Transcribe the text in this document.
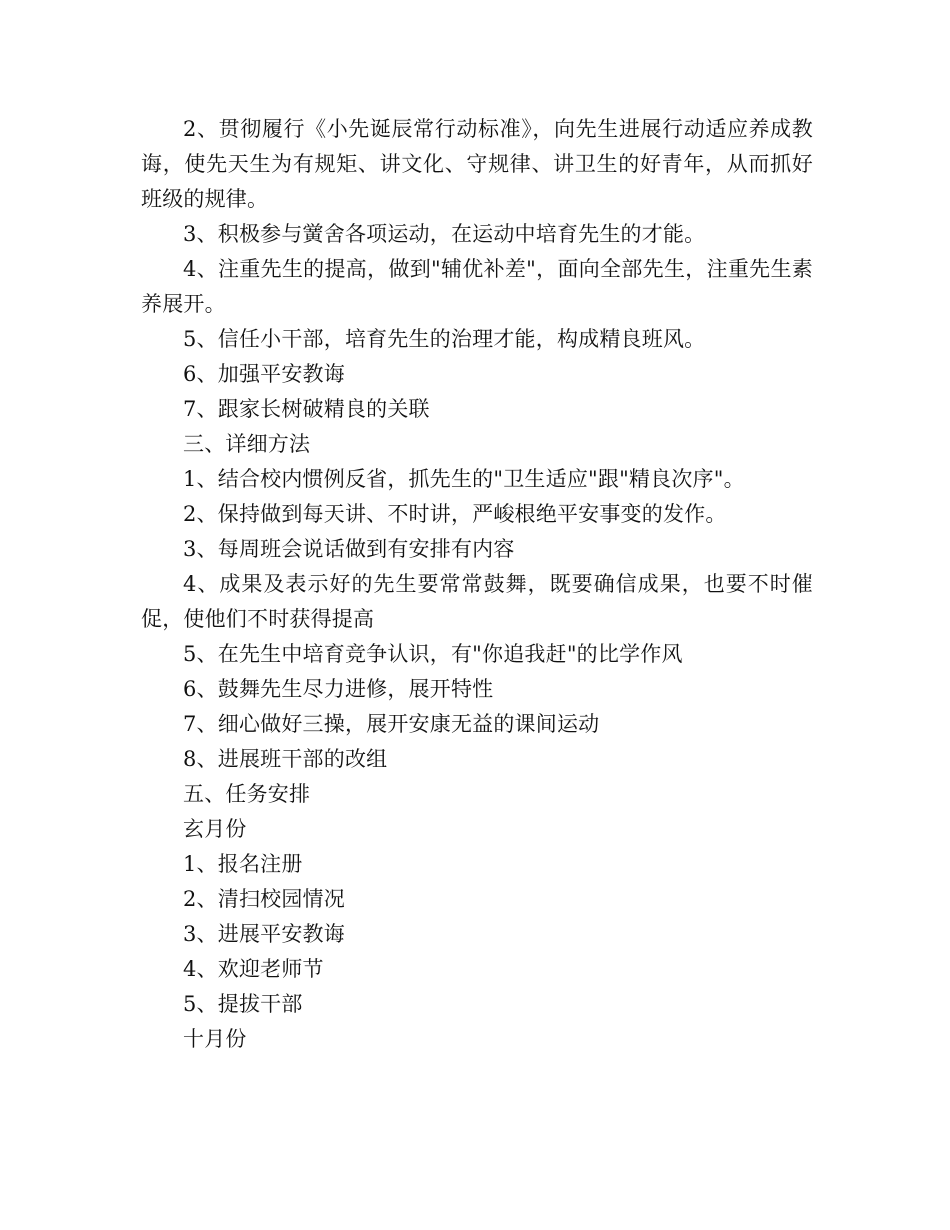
2、贯彻履行《小先诞辰常行动标准》，向先生进展行动适应养成教诲，使先天生为有规矩、讲文化、守规律、讲卫生的好青年，从而抓好班级的规律。

3、积极参与黉舍各项运动，在运动中培育先生的才能。

4、注重先生的提高，做到"辅优补差"，面向全部先生，注重先生素养展开。

5、信任小干部，培育先生的治理才能，构成精良班风。

6、加强平安教诲

7、跟家长树破精良的关联

三、详细方法

1、结合校内惯例反省，抓先生的"卫生适应"跟"精良次序"。

2、保持做到每天讲、不时讲，严峻根绝平安事变的发作。

3、每周班会说话做到有安排有内容

4、成果及表示好的先生要常常鼓舞，既要确信成果，也要不时催促，使他们不时获得提高

5、在先生中培育竞争认识，有"你追我赶"的比学作风

6、鼓舞先生尽力进修，展开特性

7、细心做好三操，展开安康无益的课间运动

8、进展班干部的改组

五、任务安排

玄月份

1、报名注册

2、清扫校园情况

3、进展平安教诲

4、欢迎老师节

5、提拔干部

十月份
